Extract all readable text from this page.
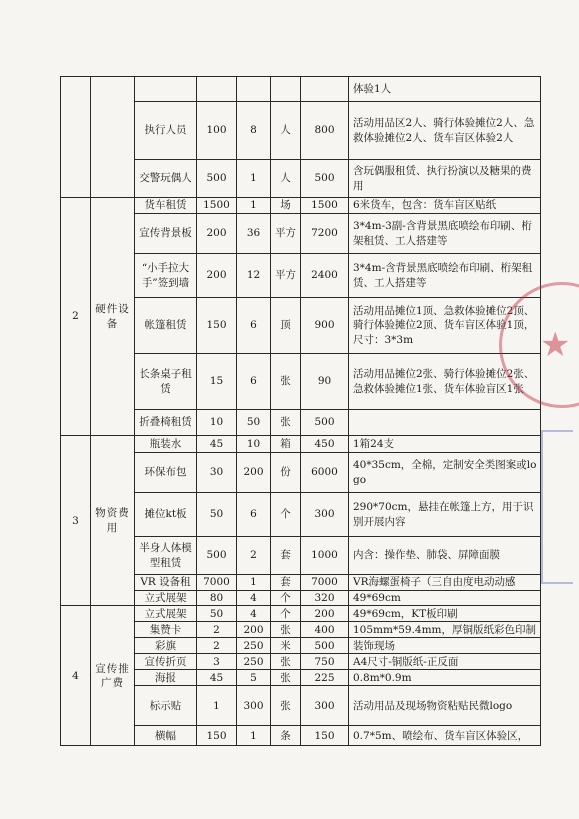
							体验1人
		执行人员	100	8	人	800	活动用品区2人、骑行体验摊位2人、急救体验摊位2人、货车盲区体验2人
		交警玩偶人	500	1	人	500	含玩偶服租赁、执行扮演以及糖果的费用
2	硬件设备	货车租赁	1500	1	场	1500	6米货车，包含：货车盲区贴纸
		宣传背景板	200	36	平方	7200	3*4m-3副-含背景黑底喷绘布印刷、桁架租赁、工人搭建等
		“小手拉大手”签到墙	200	12	平方	2400	3*4m-含背景黑底喷绘布印刷、桁架租赁、工人搭建等
		帐篷租赁	150	6	顶	900	活动用品摊位1顶、急救体验摊位2顶、骑行体验摊位2顶、货车盲区体验1顶，尺寸：3*3m
		长条桌子租赁	15	6	张	90	活动用品摊位2张、骑行体验摊位2张、急救体验摊位1张、货车体验盲区1张
		折叠椅租赁	10	50	张	500	
3	物资费用	瓶装水	45	10	箱	450	1箱24支
		环保布包	30	200	份	6000	40*35cm，全棉，定制安全类图案或logo
		摊位kt板	50	6	个	300	290*70cm，悬挂在帐篷上方，用于识别开展内容
		半身人体模型租赁	500	2	套	1000	内含：操作垫、肺袋、屏障面膜
		VR 设备租	7000	1	套	7000	VR海螺蛋椅子（三自由度电动动感
		立式展架	80	4	个	320	49*69cm
4	宣传推广费	立式展架	50	4	个	200	49*69cm，KT板印刷
		集赞卡	2	200	张	400	105mm*59.4mm，厚铜版纸彩色印制
		彩旗	2	250	米	500	装饰现场
		宣传折页	3	250	张	750	A4尺寸-铜版纸-正反面
		海报	45	5	张	225	0.8m*0.9m
		标示贴	1	300	张	300	活动用品及现场物资粘贴民微logo
		横幅	150	1	条	150	0.7*5m、喷绘布、货车盲区体验区，
★
